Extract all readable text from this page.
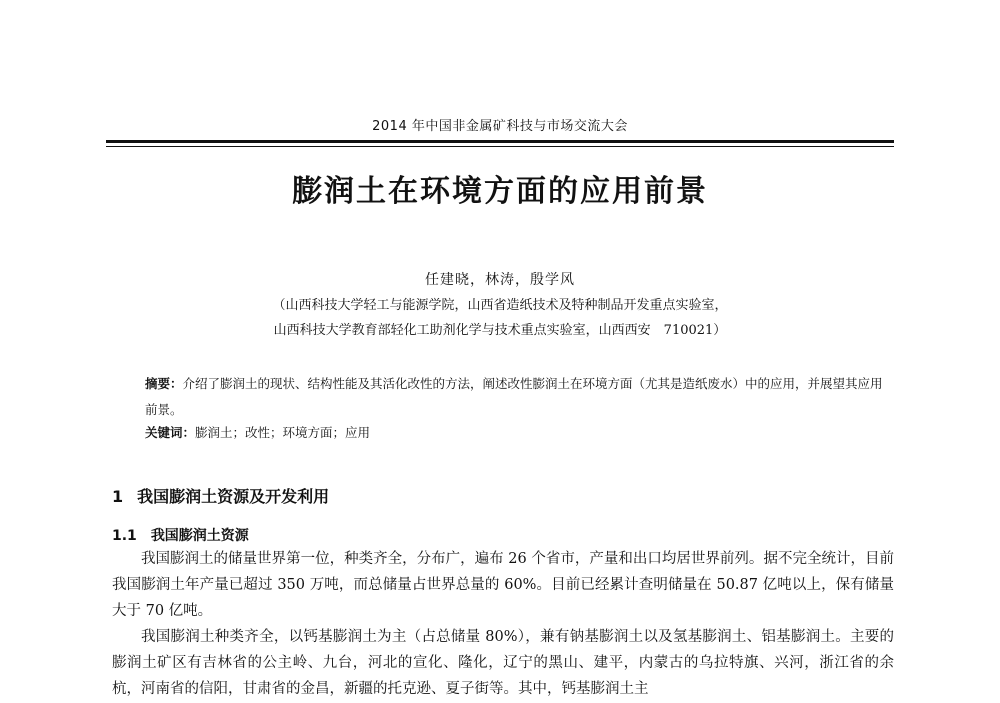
2014 年中国非金属矿科技与市场交流大会
膨润土在环境方面的应用前景
任建晓，林涛，殷学风
（山西科技大学轻工与能源学院，山西省造纸技术及特种制品开发重点实验室，
山西科技大学教育部轻化工助剂化学与技术重点实验室，山西西安　710021）
摘要：介绍了膨润土的现状、结构性能及其活化改性的方法，阐述改性膨润土在环境方面（尤其是造纸废水）中的应用，并展望其应用前景。
关键词：膨润土；改性；环境方面；应用
1 我国膨润土资源及开发利用
1.1 我国膨润土资源

我国膨润土的储量世界第一位，种类齐全，分布广，遍布 26 个省市，产量和出口均居世界前列。据不完全统计，目前我国膨润土年产量已超过 350 万吨，而总储量占世界总量的 60%。目前已经累计查明储量在 50.87 亿吨以上，保有储量大于 70 亿吨。

我国膨润土种类齐全，以钙基膨润土为主（占总储量 80%），兼有钠基膨润土以及氢基膨润土、铝基膨润土。主要的膨润土矿区有吉林省的公主岭、九台，河北的宣化、隆化，辽宁的黑山、建平，内蒙古的乌拉特旗、兴河，浙江省的余杭，河南省的信阳，甘肃省的金昌，新疆的托克逊、夏子街等。其中，钙基膨润土主
